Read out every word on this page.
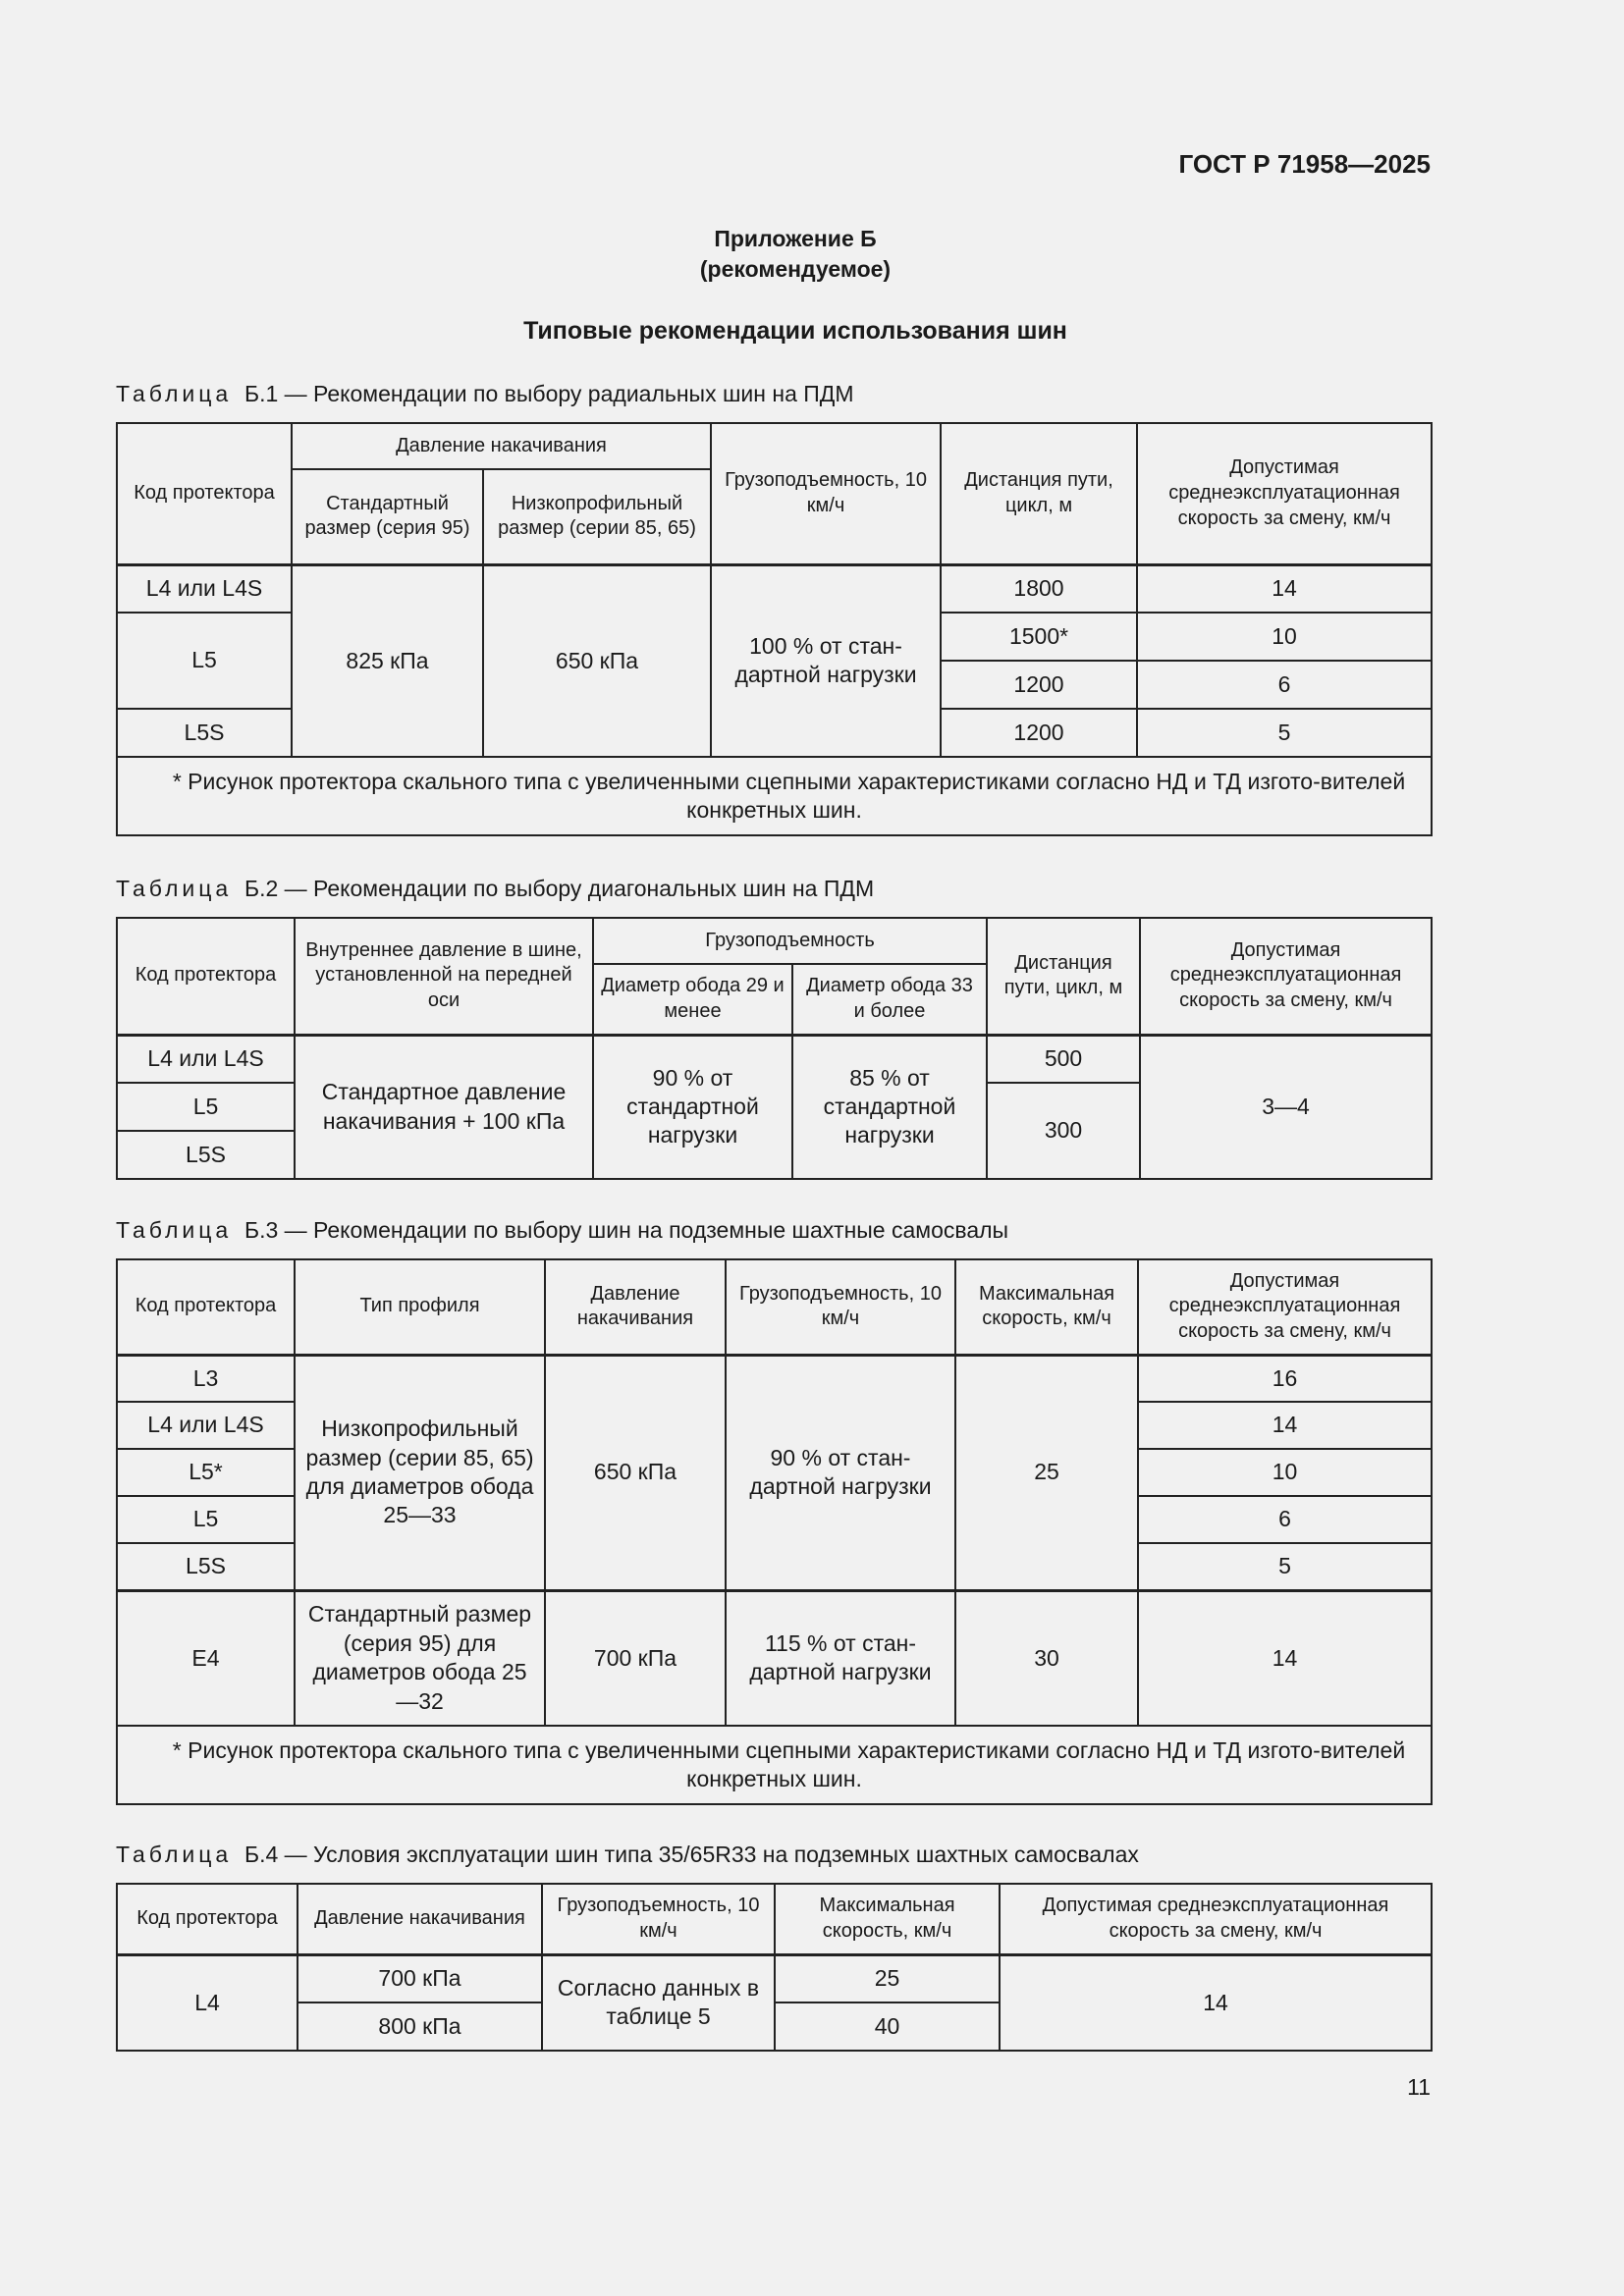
ГОСТ Р 71958—2025
Приложение Б
(рекомендуемое)
Типовые рекомендации использования шин
Таблица Б.1 — Рекомендации по выбору радиальных шин на ПДМ
Код протектора	Давление накачивания		Грузоподъемность, 10 км/ч	Дистанция пути, цикл, м	Допустимая среднеэксплуатационная скорость за смену, км/ч
	Стандартный размер (серия 95)	Низкопрофильный размер (серии 85, 65)			
L4 или L4S	825 кПа	650 кПа	100 % от стан-дартной нагрузки	1800	14
L5				1500*	10
				1200	6
L5S				1200	5
* Рисунок протектора скального типа с увеличенными сцепными характеристиками согласно НД и ТД изгото-вителей конкретных шин.					
Таблица Б.2 — Рекомендации по выбору диагональных шин на ПДМ
Код протектора	Внутреннее давление в шине, установленной на передней оси	Грузоподъемность		Дистанция пути, цикл, м	Допустимая среднеэксплуатационная скорость за смену, км/ч
		Диаметр обода 29 и менее	Диаметр обода 33 и более		
L4 или L4S	Стандартное давление накачивания + 100 кПа	90 % от стандартной нагрузки	85 % от стандартной нагрузки	500	3—4
L5				300	
L5S					
Таблица Б.3 — Рекомендации по выбору шин на подземные шахтные самосвалы
Код протектора	Тип профиля	Давление накачивания	Грузоподъемность, 10 км/ч	Максимальная скорость, км/ч	Допустимая среднеэксплуатационная скорость за смену, км/ч
L3	Низкопрофильный размер (серии 85, 65) для диаметров обода 25—33	650 кПа	90 % от стан-дартной нагрузки	25	16
L4 или L4S					14
L5*					10
L5					6
L5S					5
E4	Стандартный размер (серия 95) для диаметров обода 25—32	700 кПа	115 % от стан-дартной нагрузки	30	14
* Рисунок протектора скального типа с увеличенными сцепными характеристиками согласно НД и ТД изгото-вителей конкретных шин.					
Таблица Б.4 — Условия эксплуатации шин типа 35/65R33 на подземных шахтных самосвалах
Код протектора	Давление накачивания	Грузоподъемность, 10 км/ч	Максимальная скорость, км/ч	Допустимая среднеэксплуатационная скорость за смену, км/ч
L4	700 кПа	Согласно данных в таблице 5	25	14
	800 кПа		40	
11
